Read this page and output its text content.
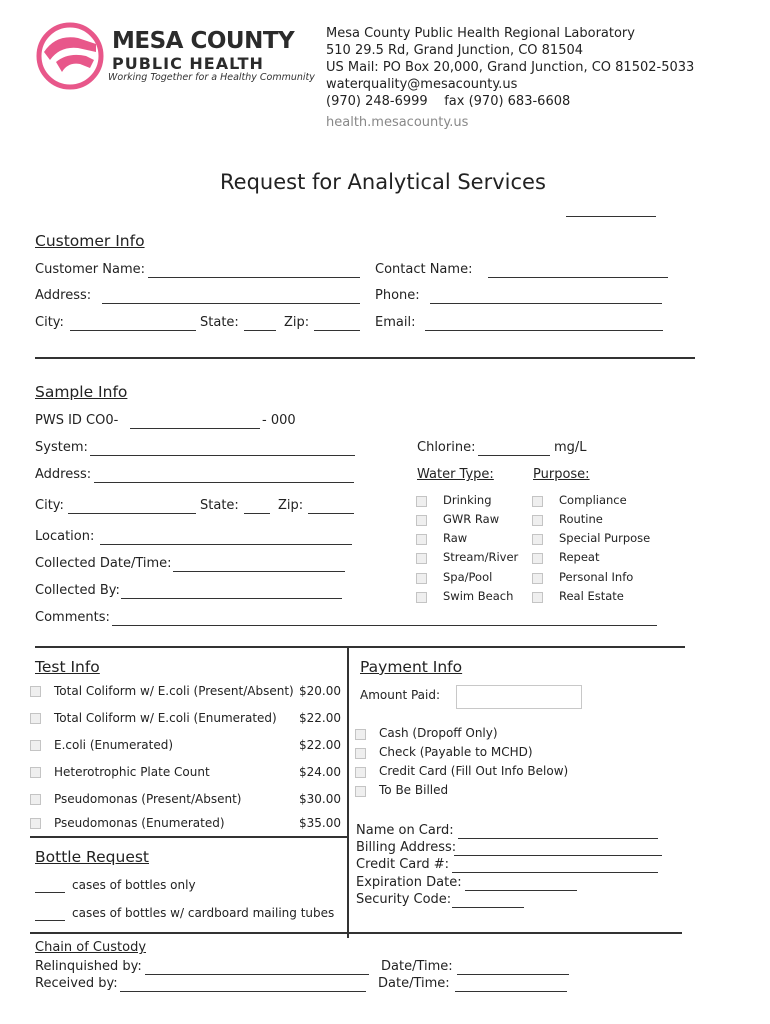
MESA COUNTY
PUBLIC HEALTH
Working Together for a Healthy Community
Mesa County Public Health Regional Laboratory
510 29.5 Rd, Grand Junction, CO 81504
US Mail: PO Box 20,000, Grand Junction, CO 81502-5033
waterquality@mesacounty.us
(970) 248-6999    fax (970) 683-6608
health.mesacounty.us
Request for Analytical Services
Customer Info
Customer Name:	Contact Name:
Address:	Phone:
City:	State:	Zip:	Email:
Sample Info
PWS ID CO0-	- 000
System:	Chlorine:	mg/L
Address:	Water Type:	Purpose:
City:	State:	Zip:
Location:
Collected Date/Time:
Collected By:
Comments:
Drinking
GWR Raw
Raw
Stream/River
Spa/Pool
Swim Beach
Compliance
Routine
Special Purpose
Repeat
Personal Info
Real Estate
Test Info
Total Coliform w/ E.coli (Present/Absent) $20.00
Total Coliform w/ E.coli (Enumerated) $22.00
E.coli (Enumerated)	$22.00
Heterotrophic Plate Count	$24.00
Pseudomonas (Present/Absent)	$30.00
Pseudomonas (Enumerated)	$35.00
Bottle Request
cases of bottles only
cases of bottles w/ cardboard mailing tubes
Payment Info
Amount Paid:
Cash (Dropoff Only)
Check (Payable to MCHD)
Credit Card (Fill Out Info Below)
To Be Billed
Name on Card:
Billing Address:
Credit Card #:
Expiration Date:
Security Code:
Chain of Custody
Relinquished by:	Date/Time:
Received by:	Date/Time:
